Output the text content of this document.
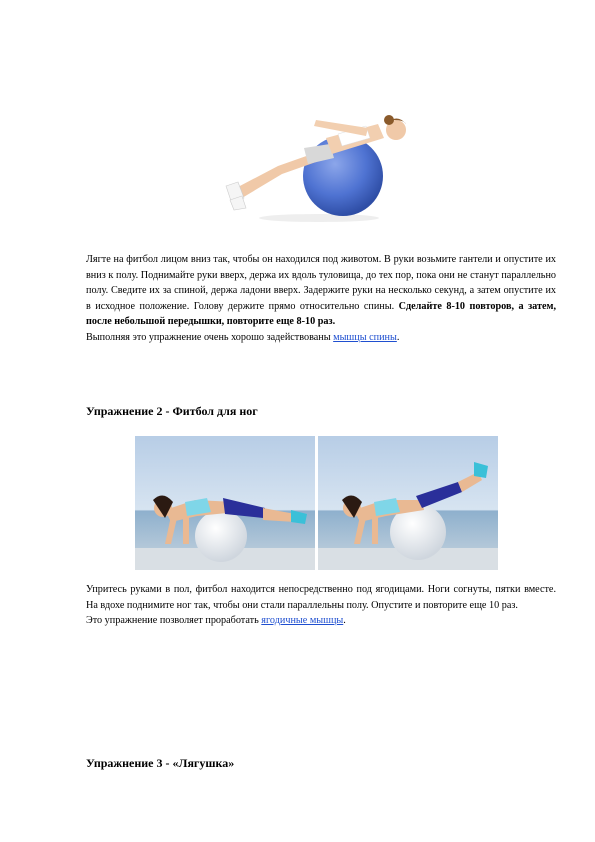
Лягте на фитбол лицом вниз так, чтобы он находился под животом. В руки возьмите гантели и опустите их вниз к полу. Поднимайте руки вверх, держа их вдоль туловища, до тех пор, пока они не станут параллельно полу. Сведите их за спиной, держа ладони вверх. Задержите руки на несколько секунд, а затем опустите их в исходное положение. Голову держите прямо относительно спины. Сделайте 8-10 повторов, а затем, после небольшой передышки, повторите еще 8-10 раз.

Выполняя это упражнение очень хорошо задействованы мышцы спины.

Упражнение 2 - Фитбол для ног

Упритесь руками в пол, фитбол находится непосредственно под ягодицами. Ноги согнуты, пятки вместе. На вдохе поднимите ног так, чтобы они стали параллельны полу. Опустите и повторите еще 10 раз.

Это упражнение позволяет проработать ягодичные мышцы.

Упражнение 3 - «Лягушка»
